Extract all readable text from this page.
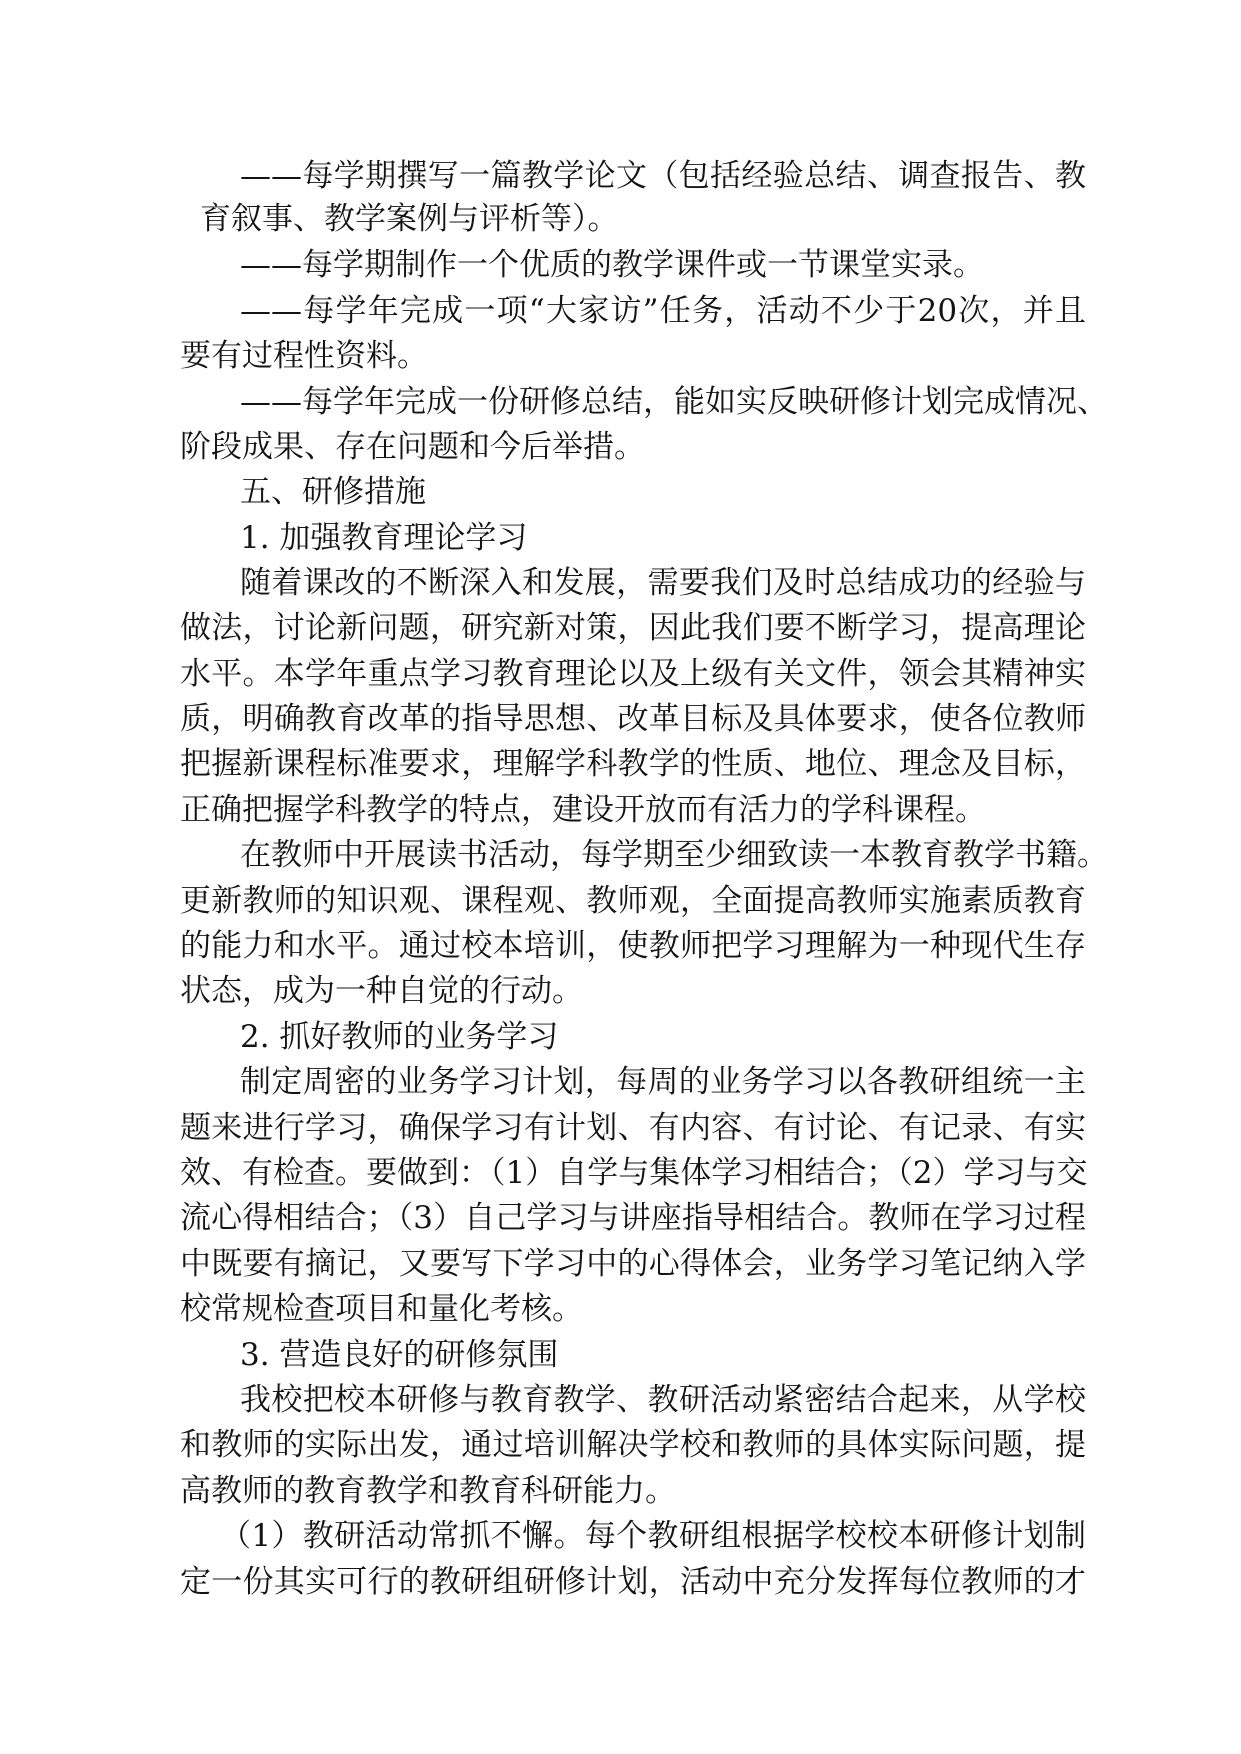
——每学期撰写一篇教学论文（包括经验总结、调查报告、教
育叙事、教学案例与评析等）。
——每学期制作一个优质的教学课件或一节课堂实录。
——每学年完成一项“大家访”任务，活动不少于20次，并且
要有过程性资料。
——每学年完成一份研修总结，能如实反映研修计划完成情况、
阶段成果、存在问题和今后举措。
五、研修措施
1. 加强教育理论学习
随着课改的不断深入和发展，需要我们及时总结成功的经验与
做法，讨论新问题，研究新对策，因此我们要不断学习，提高理论
水平。本学年重点学习教育理论以及上级有关文件，领会其精神实
质，明确教育改革的指导思想、改革目标及具体要求，使各位教师
把握新课程标准要求，理解学科教学的性质、地位、理念及目标，
正确把握学科教学的特点，建设开放而有活力的学科课程。
在教师中开展读书活动，每学期至少细致读一本教育教学书籍。
更新教师的知识观、课程观、教师观，全面提高教师实施素质教育
的能力和水平。通过校本培训，使教师把学习理解为一种现代生存
状态，成为一种自觉的行动。
2. 抓好教师的业务学习
制定周密的业务学习计划，每周的业务学习以各教研组统一主
题来进行学习，确保学习有计划、有内容、有讨论、有记录、有实
效、有检查。要做到：（1）自学与集体学习相结合；（2）学习与交
流心得相结合；（3）自己学习与讲座指导相结合。教师在学习过程
中既要有摘记，又要写下学习中的心得体会，业务学习笔记纳入学
校常规检查项目和量化考核。
3. 营造良好的研修氛围
我校把校本研修与教育教学、教研活动紧密结合起来，从学校
和教师的实际出发，通过培训解决学校和教师的具体实际问题，提
高教师的教育教学和教育科研能力。
（1）教研活动常抓不懈。每个教研组根据学校校本研修计划制
定一份其实可行的教研组研修计划，活动中充分发挥每位教师的才
